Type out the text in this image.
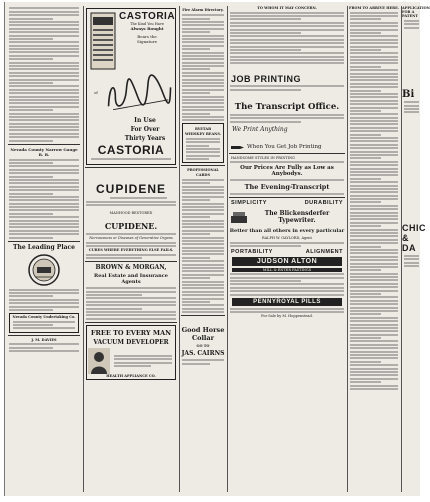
Nevada County Narrow Gauge R. R.
The Leading Place
Nevada County Undertaking Co.
J. M. DAVIES
CASTORIA
The Kind You Have
Always Bought
Bears the
Signature
of
In Use
For Over
Thirty Years
CASTORIA
CUPIDENE
MANHOOD RESTORED
CUPIDENE.
Nervousness or Diseases of Generative Organs
CURES WHERE EVERYTHING ELSE FAILS.
BROWN & MORGAN,
Real Estate and Insurance Agents
FREE TO EVERY MAN
VACUUM DEVELOPER
HEALTH APPLIANCE CO.
Fire Alarm Directory.
RYETAB WHISKEY BEANS.
PROFESSIONAL CARDS
Good Horse Collar
GO TO
JAS. CAIRNS
TO WHOM IT MAY CONCERN.
JOB PRINTING
The Transcript Office.
We Print Anything
When You Get Job Printing
HANDSOME STYLES IN PRINTING
Our Prices Are Fully as Low as Anybodys.
The Evening-Transcript
SIMPLICITY	DURABILITY
The Blickensderfer Typewriter.
Better than all others in every particular
RALPH W. GAYLORD, Agent
PORTABILITY	ALIGNMENT
JUDSON ALTON
MILL & ENTER FASTINGS
PENNYROYAL PILLS
For Sale by M. Hoppenstead.
FROM TO ARRIVE HERE. APPLICATION FOR A PATENT
Bi
CHIC
& DA
